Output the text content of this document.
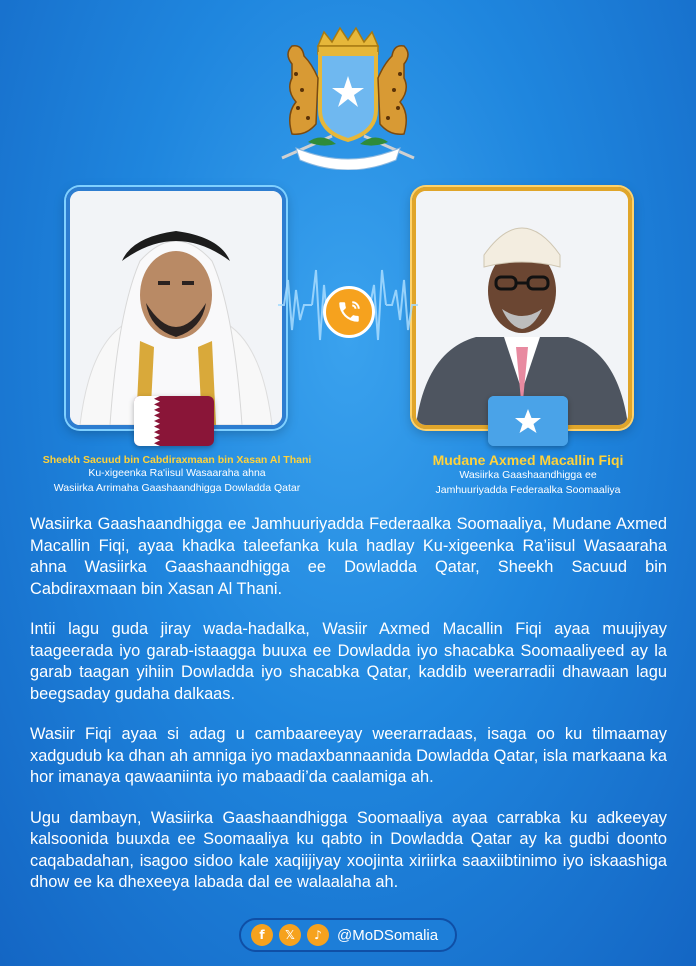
Sheekh Sacuud bin Cabdiraxmaan bin Xasan Al Thani
Ku-xigeenka Ra'iisul Wasaaraha ahna
Wasiirka Arrimaha Gaashaandhigga Dowladda Qatar
Mudane Axmed Macallin Fiqi
Wasiirka Gaashaandhigga ee
Jamhuuriyadda Federaalka Soomaaliya

Wasiirka Gaashaandhigga ee Jamhuuriyadda Federaalka Soomaaliya, Mudane Axmed Macallin Fiqi, ayaa khadka taleefanka kula hadlay Ku-xigeenka Ra’iisul Wasaaraha ahna Wasiirka Gaashaandhigga ee Dowladda Qatar, Sheekh Sacuud bin Cabdiraxmaan bin Xasan Al Thani.

Intii lagu guda jiray wada-hadalka, Wasiir Axmed Macallin Fiqi ayaa muujiyay taageerada iyo garab-istaagga buuxa ee Dowladda iyo shacabka Soomaaliyeed ay la garab taagan yihiin Dowladda iyo shacabka Qatar, kaddib weerarradii dhawaan lagu beegsaday gudaha dalkaas.

Wasiir Fiqi ayaa si adag u cambaareeyay weerarradaas, isaga oo ku tilmaamay xadgudub ka dhan ah amniga iyo madaxbannaanida Dowladda Qatar, isla markaana ka hor imanaya qawaaniinta iyo mabaadi’da caalamiga ah.

Ugu dambayn, Wasiirka Gaashaandhigga Soomaaliya ayaa carrabka ku adkeeyay kalsoonida buuxda ee Soomaaliya ku qabto in Dowladda Qatar ay ka gudbi doonto caqabadahan, isagoo sidoo kale xaqiijiyay xoojinta xiriirka saaxiibtinimo iyo iskaashiga dhow ee ka dhexeeya labada dal ee walaalaha ah.

f	𝕏	♪	@MoDSomalia
